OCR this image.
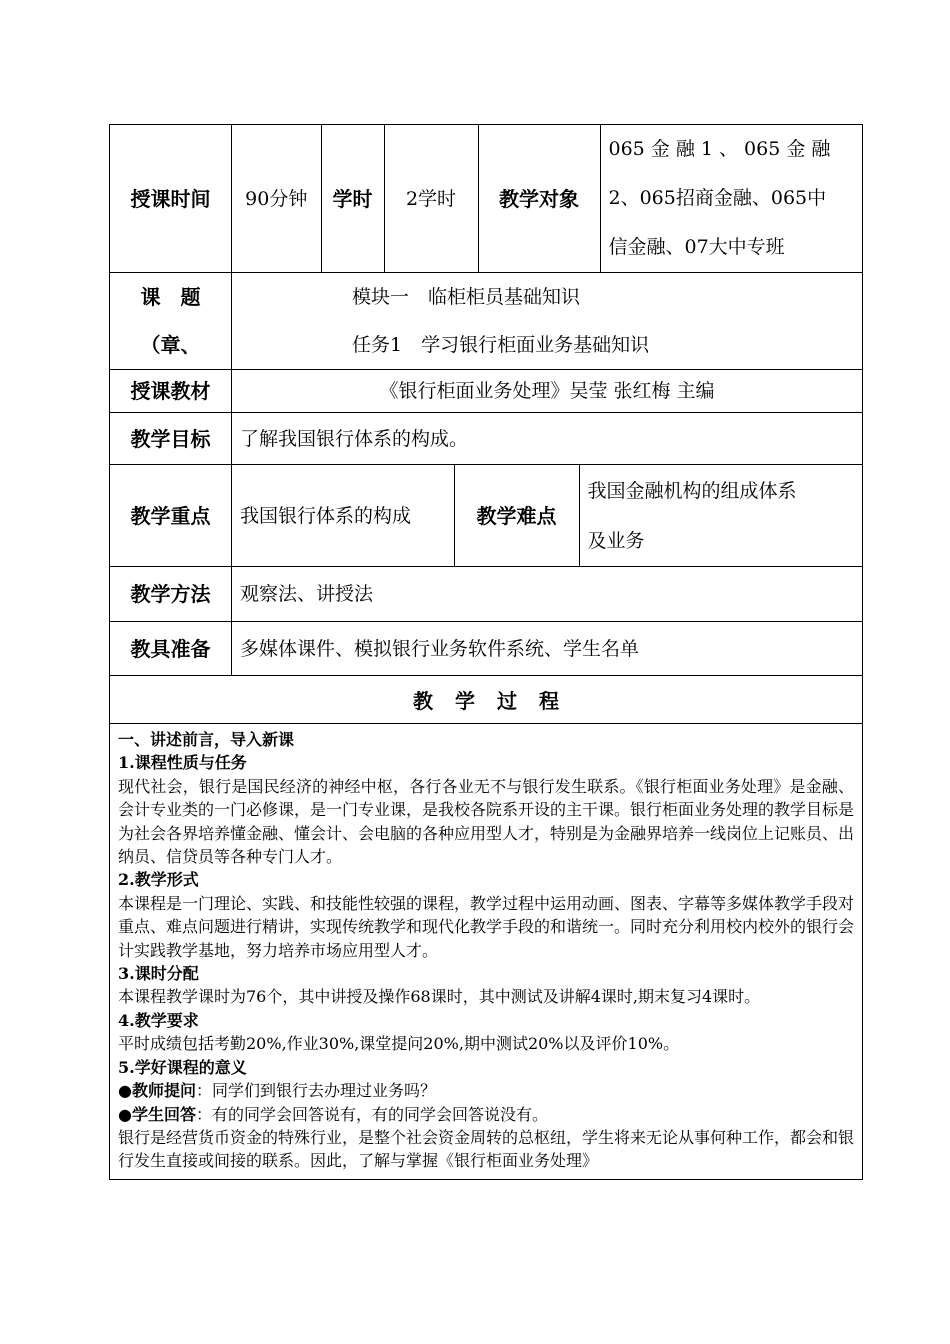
授课时间	90分钟	学时	2学时	教学对象	
065 金 融 1 、 065 金 融
2、065招商金融、065中
信金融、07大中专班

课　题
（章、

模块一　临柜柜员基础知识
任务1　学习银行柜面业务基础知识

授课教材	《银行柜面业务处理》吴莹 张红梅 主编
教学目标	了解我国银行体系的构成。
教学重点	我国银行体系的构成	教学难点	
我国金融机构的组成体系
及业务

教学方法	观察法、讲授法
教具准备	多媒体课件、模拟银行业务软件系统、学生名单
教学过程

一、讲述前言，导入新课

1.课程性质与任务

现代社会，银行是国民经济的神经中枢，各行各业无不与银行发生联系。《银行柜面业务处理》是金融、会计专业类的一门必修课，是一门专业课，是我校各院系开设的主干课。银行柜面业务处理的教学目标是为社会各界培养懂金融、懂会计、会电脑的各种应用型人才，特别是为金融界培养一线岗位上记账员、出纳员、信贷员等各种专门人才。

2.教学形式

本课程是一门理论、实践、和技能性较强的课程，教学过程中运用动画、图表、字幕等多媒体教学手段对重点、难点问题进行精讲，实现传统教学和现代化教学手段的和谐统一。同时充分利用校内校外的银行会计实践教学基地，努力培养市场应用型人才。

3.课时分配

本课程教学课时为76个，其中讲授及操作68课时，其中测试及讲解4课时,期末复习4课时。

4.教学要求

平时成绩包括考勤20%,作业30%,课堂提问20%,期中测试20%以及评价10%。

5.学好课程的意义

●教师提问：同学们到银行去办理过业务吗？

●学生回答：有的同学会回答说有，有的同学会回答说没有。

银行是经营货币资金的特殊行业，是整个社会资金周转的总枢纽，学生将来无论从事何种工作，都会和银行发生直接或间接的联系。因此，了解与掌握《银行柜面业务处理》
